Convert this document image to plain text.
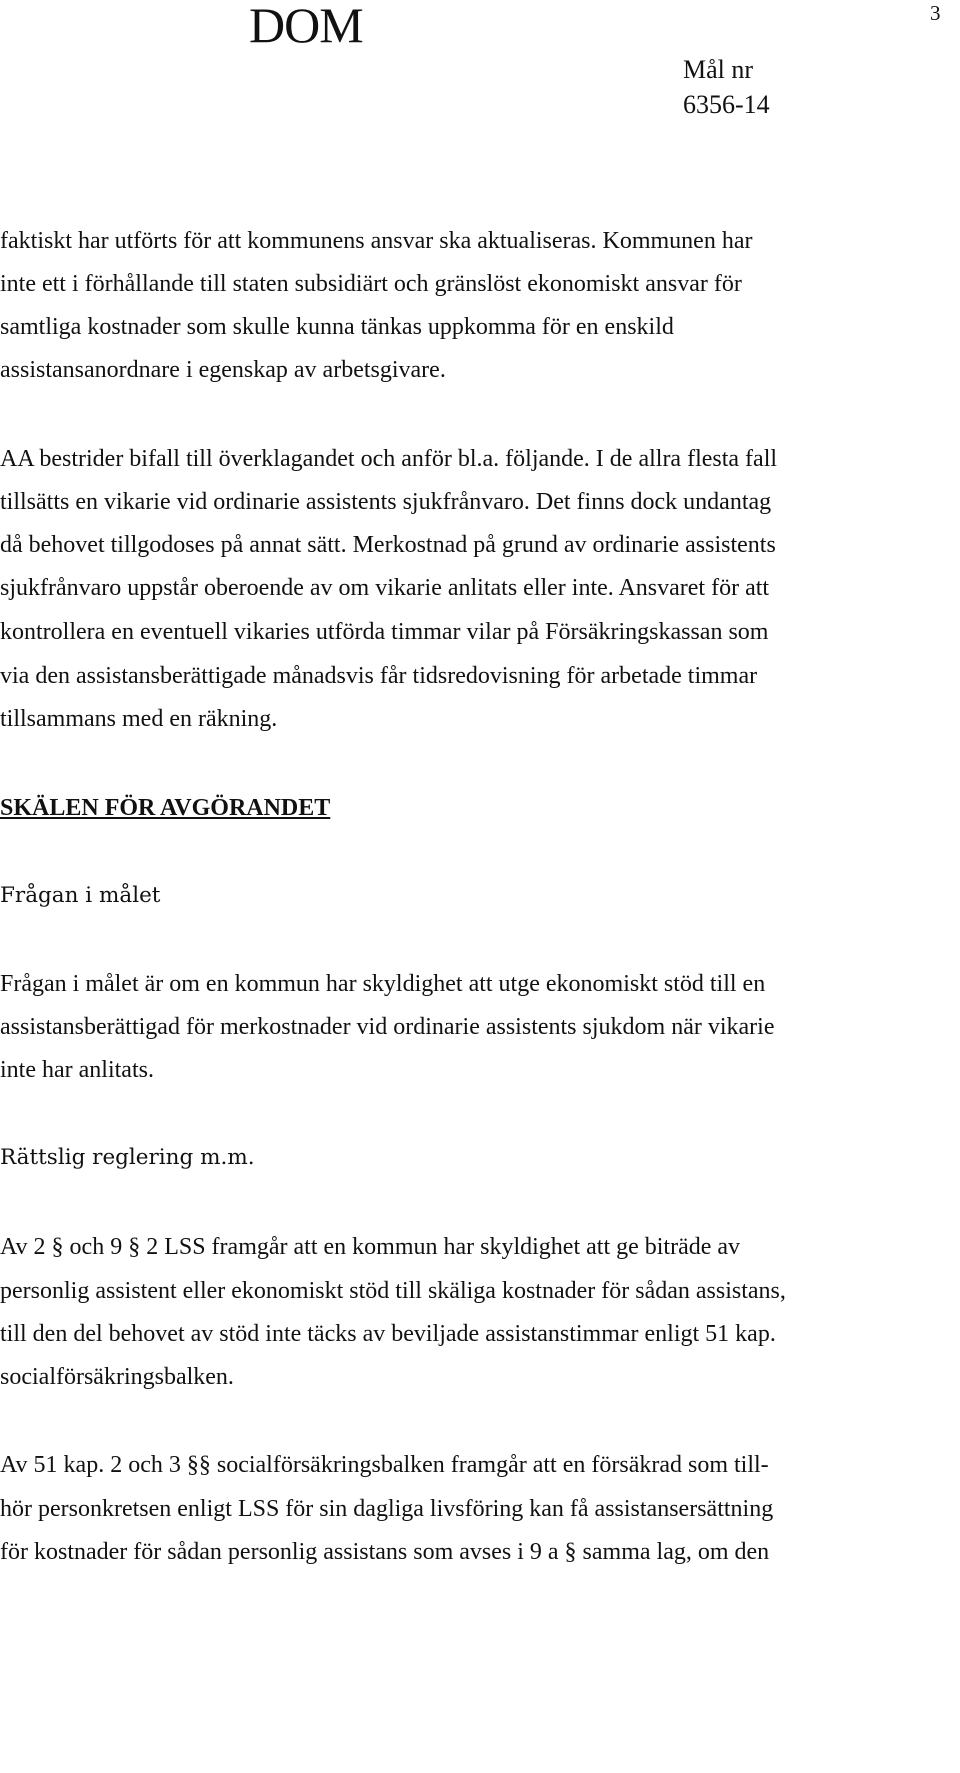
DOM	3
Mål nr
6356-14
faktiskt har utförts för att kommunens ansvar ska aktualiseras. Kommunen har
inte ett i förhållande till staten subsidiärt och gränslöst ekonomiskt ansvar för
samtliga kostnader som skulle kunna tänkas uppkomma för en enskild
assistansanordnare i egenskap av arbetsgivare.
AA bestrider bifall till överklagandet och anför bl.a. följande. I de allra flesta fall
tillsätts en vikarie vid ordinarie assistents sjukfrånvaro. Det finns dock undantag
då behovet tillgodoses på annat sätt. Merkostnad på grund av ordinarie assistents
sjukfrånvaro uppstår oberoende av om vikarie anlitats eller inte. Ansvaret för att
kontrollera en eventuell vikaries utförda timmar vilar på Försäkringskassan som
via den assistansberättigade månadsvis får tidsredovisning för arbetade timmar
tillsammans med en räkning.
SKÄLEN FÖR AVGÖRANDET
Frågan i målet
Frågan i målet är om en kommun har skyldighet att utge ekonomiskt stöd till en
assistansberättigad för merkostnader vid ordinarie assistents sjukdom när vikarie
inte har anlitats.
Rättslig reglering m.m.
Av 2 § och 9 § 2 LSS framgår att en kommun har skyldighet att ge biträde av
personlig assistent eller ekonomiskt stöd till skäliga kostnader för sådan assistans,
till den del behovet av stöd inte täcks av beviljade assistanstimmar enligt 51 kap.
socialförsäkringsbalken.
Av 51 kap. 2 och 3 §§ socialförsäkringsbalken framgår att en försäkrad som till-
hör personkretsen enligt LSS för sin dagliga livsföring kan få assistansersättning
för kostnader för sådan personlig assistans som avses i 9 a § samma lag, om den
